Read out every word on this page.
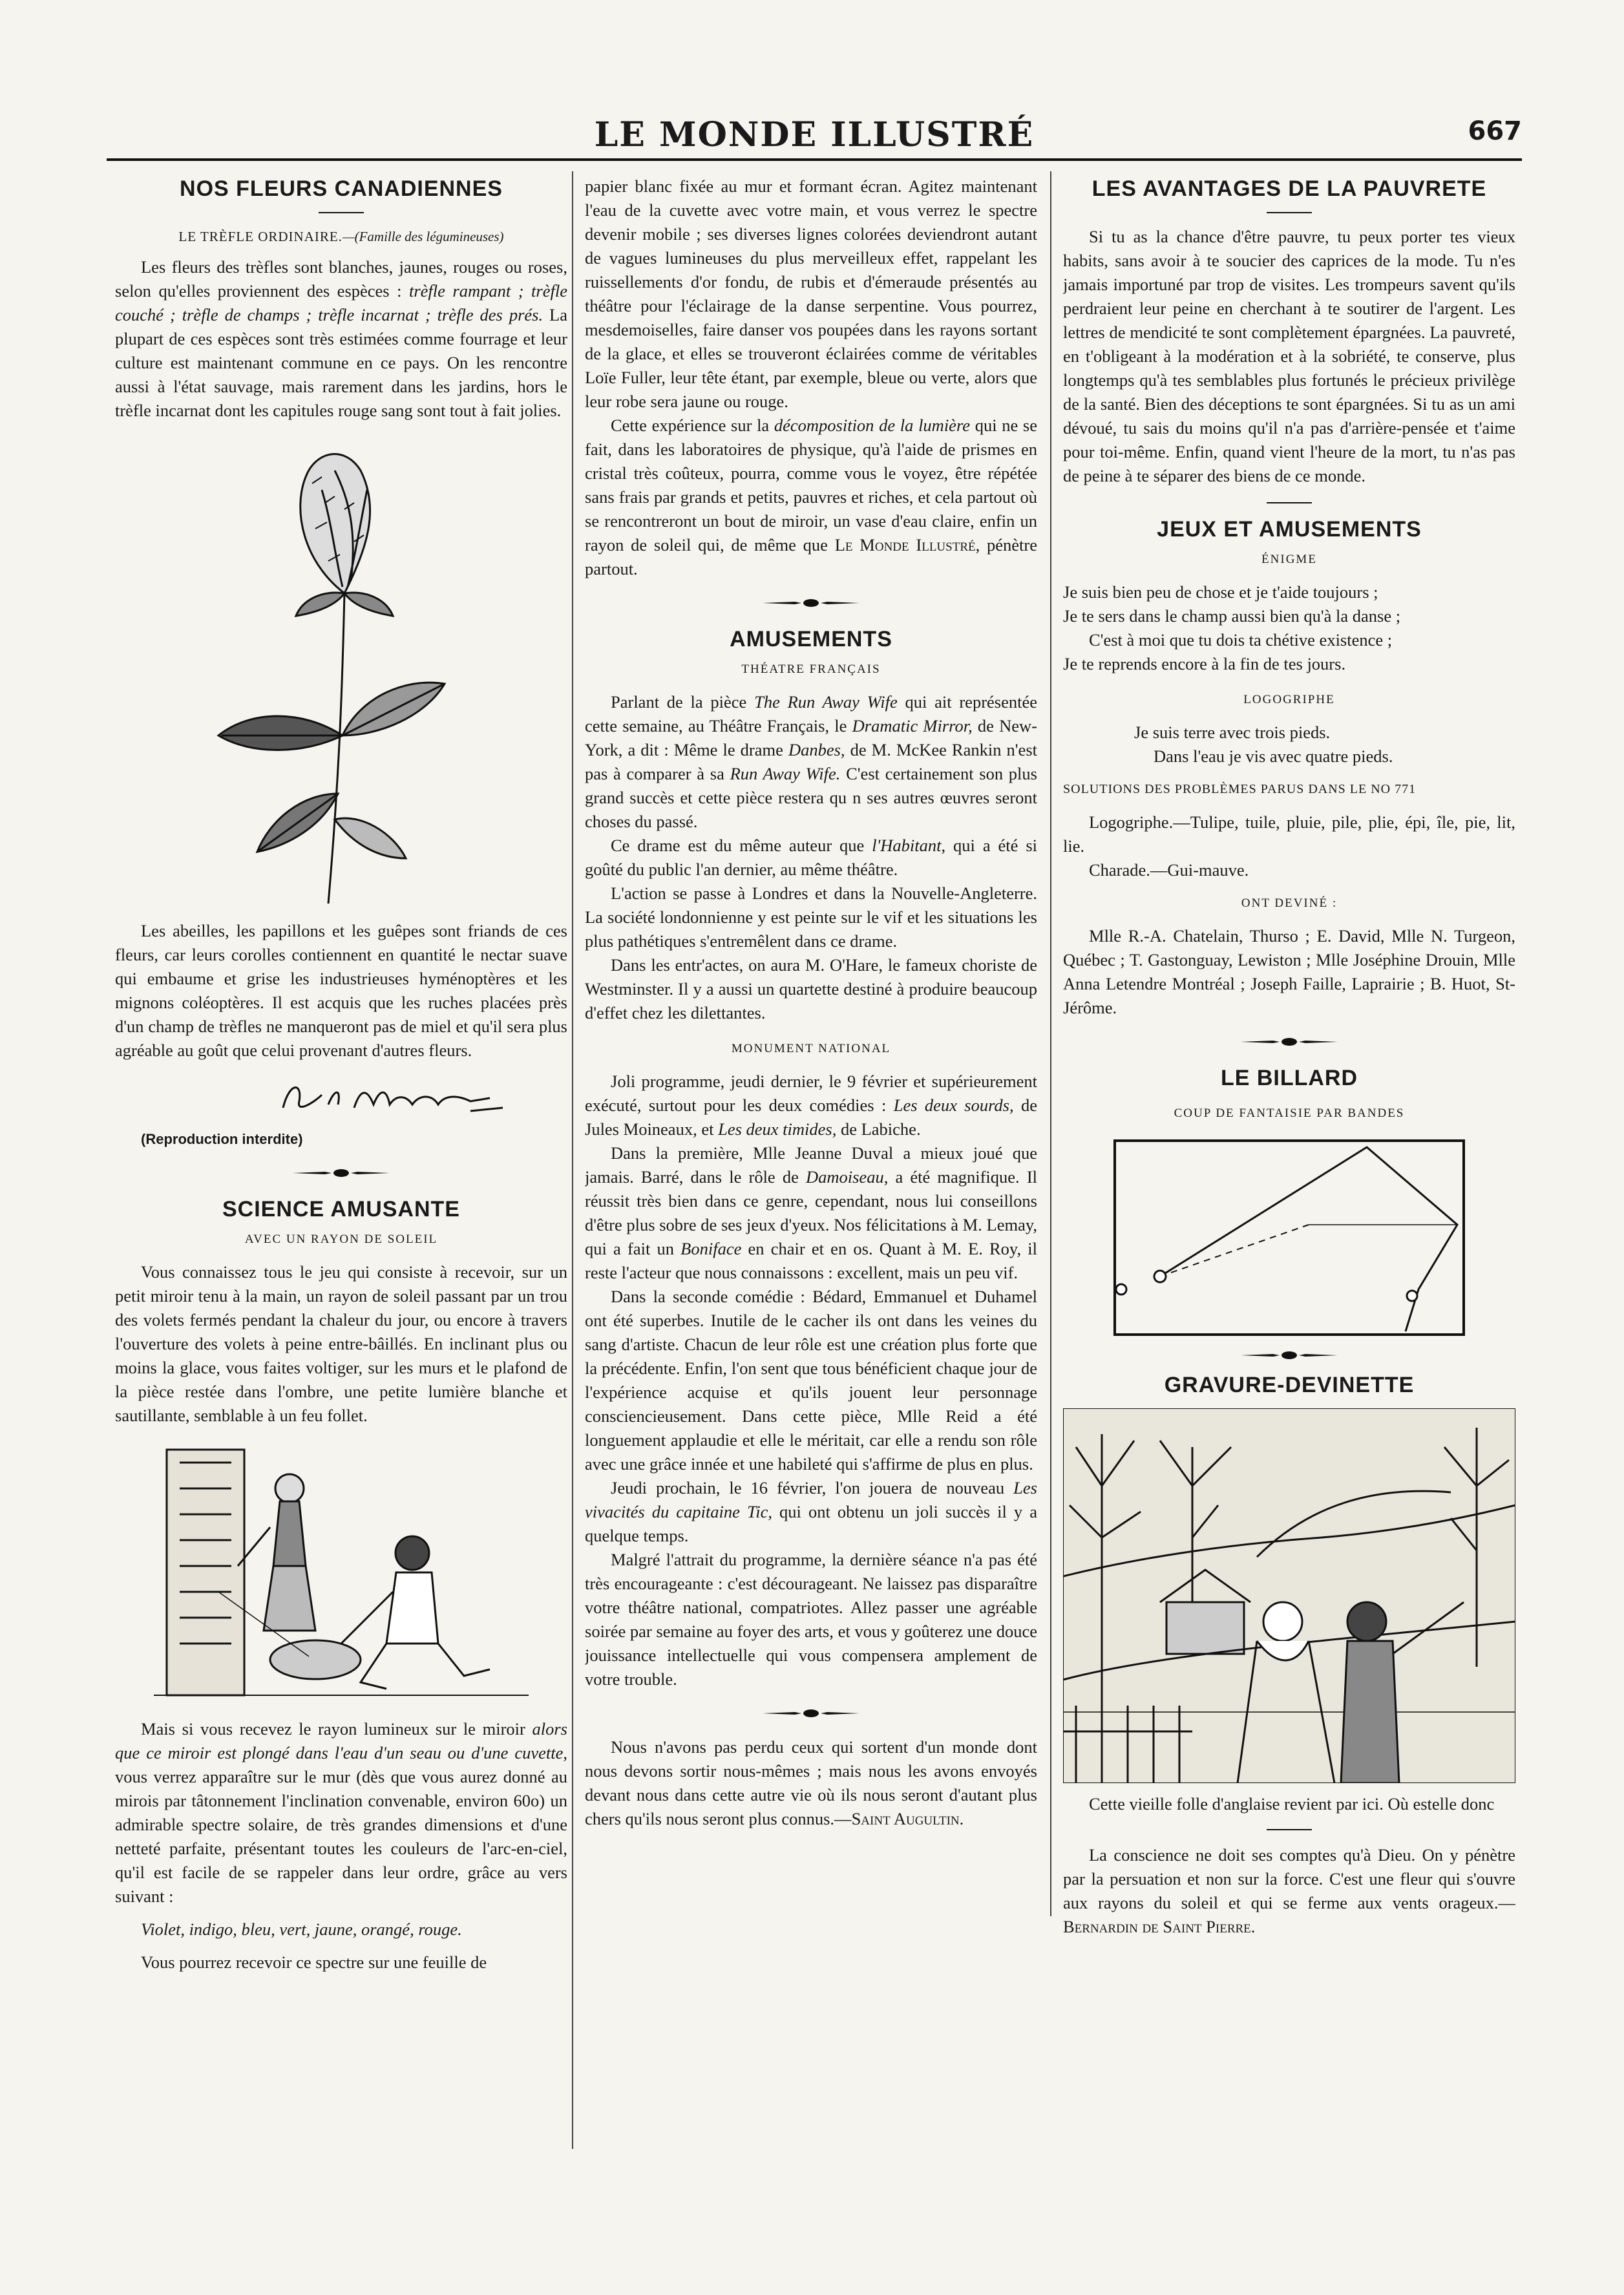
LE MONDE ILLUSTRÉ	667
NOS FLEURS CANADIENNES

LE TRÈFLE ORDINAIRE.—(Famille des légumineuses)

Les fleurs des trèfles sont blanches, jaunes, rouges ou roses, selon qu'elles proviennent des espèces : trèfle rampant ; trèfle couché ; trèfle de champs ; trèfle incarnat ; trèfle des prés. La plupart de ces espèces sont très estimées comme fourrage et leur culture est maintenant commune en ce pays. On les rencontre aussi à l'état sauvage, mais rarement dans les jardins, hors le trèfle incarnat dont les capitules rouge sang sont tout à fait jolies.

Les abeilles, les papillons et les guêpes sont friands de ces fleurs, car leurs corolles contiennent en quantité le nectar suave qui embaume et grise les industrieuses hyménoptères et les mignons coléoptères. Il est acquis que les ruches placées près d'un champ de trèfles ne manqueront pas de miel et qu'il sera plus agréable au goût que celui provenant d'autres fleurs.

(Reproduction interdite)

SCIENCE AMUSANTE
AVEC UN RAYON DE SOLEIL

Vous connaissez tous le jeu qui consiste à recevoir, sur un petit miroir tenu à la main, un rayon de soleil passant par un trou des volets fermés pendant la chaleur du jour, ou encore à travers l'ouverture des volets à peine entre-bâillés. En inclinant plus ou moins la glace, vous faites voltiger, sur les murs et le plafond de la pièce restée dans l'ombre, une petite lumière blanche et sautillante, semblable à un feu follet.

Mais si vous recevez le rayon lumineux sur le miroir alors que ce miroir est plongé dans l'eau d'un seau ou d'une cuvette, vous verrez apparaître sur le mur (dès que vous aurez donné au mirois par tâtonnement l'inclination convenable, environ 60o) un admirable spectre solaire, de très grandes dimensions et d'une netteté parfaite, présentant toutes les couleurs de l'arc-en-ciel, qu'il est facile de se rappeler dans leur ordre, grâce au vers suivant :

Violet, indigo, bleu, vert, jaune, orangé, rouge.

Vous pourrez recevoir ce spectre sur une feuille de

papier blanc fixée au mur et formant écran. Agitez maintenant l'eau de la cuvette avec votre main, et vous verrez le spectre devenir mobile ; ses diverses lignes colorées deviendront autant de vagues lumineuses du plus merveilleux effet, rappelant les ruissellements d'or fondu, de rubis et d'émeraude présentés au théâtre pour l'éclairage de la danse serpentine. Vous pourrez, mesdemoiselles, faire danser vos poupées dans les rayons sortant de la glace, et elles se trouveront éclairées comme de véritables Loïe Fuller, leur tête étant, par exemple, bleue ou verte, alors que leur robe sera jaune ou rouge.

Cette expérience sur la décomposition de la lumière qui ne se fait, dans les laboratoires de physique, qu'à l'aide de prismes en cristal très coûteux, pourra, comme vous le voyez, être répétée sans frais par grands et petits, pauvres et riches, et cela partout où se rencontreront un bout de miroir, un vase d'eau claire, enfin un rayon de soleil qui, de même que Le Monde Illustré, pénètre partout.

AMUSEMENTS
THÉATRE FRANÇAIS

Parlant de la pièce The Run Away Wife qui ait représentée cette semaine, au Théâtre Français, le Dramatic Mirror, de New-York, a dit : Même le drame Danbes, de M. McKee Rankin n'est pas à comparer à sa Run Away Wife. C'est certainement son plus grand succès et cette pièce restera qu n ses autres œuvres seront choses du passé.

Ce drame est du même auteur que l'Habitant, qui a été si goûté du public l'an dernier, au même théâtre.

L'action se passe à Londres et dans la Nouvelle-Angleterre. La société londonnienne y est peinte sur le vif et les situations les plus pathétiques s'entremêlent dans ce drame.

Dans les entr'actes, on aura M. O'Hare, le fameux choriste de Westminster. Il y a aussi un quartette destiné à produire beaucoup d'effet chez les dilettantes.

MONUMENT NATIONAL

Joli programme, jeudi dernier, le 9 février et supérieurement exécuté, surtout pour les deux comédies : Les deux sourds, de Jules Moineaux, et Les deux timides, de Labiche.

Dans la première, Mlle Jeanne Duval a mieux joué que jamais. Barré, dans le rôle de Damoiseau, a été magnifique. Il réussit très bien dans ce genre, cependant, nous lui conseillons d'être plus sobre de ses jeux d'yeux. Nos félicitations à M. Lemay, qui a fait un Boniface en chair et en os. Quant à M. E. Roy, il reste l'acteur que nous connaissons : excellent, mais un peu vif.

Dans la seconde comédie : Bédard, Emmanuel et Duhamel ont été superbes. Inutile de le cacher ils ont dans les veines du sang d'artiste. Chacun de leur rôle est une création plus forte que la précédente. Enfin, l'on sent que tous bénéficient chaque jour de l'expérience acquise et qu'ils jouent leur personnage consciencieusement. Dans cette pièce, Mlle Reid a été longuement applaudie et elle le méritait, car elle a rendu son rôle avec une grâce innée et une habileté qui s'affirme de plus en plus.

Jeudi prochain, le 16 février, l'on jouera de nouveau Les vivacités du capitaine Tic, qui ont obtenu un joli succès il y a quelque temps.

Malgré l'attrait du programme, la dernière séance n'a pas été très encourageante : c'est décourageant. Ne laissez pas disparaître votre théâtre national, compatriotes. Allez passer une agréable soirée par semaine au foyer des arts, et vous y goûterez une douce jouissance intellectuelle qui vous compensera amplement de votre trouble.

Nous n'avons pas perdu ceux qui sortent d'un monde dont nous devons sortir nous-mêmes ; mais nous les avons envoyés devant nous dans cette autre vie où ils nous seront d'autant plus chers qu'ils nous seront plus connus.—Saint Augultin.

LES AVANTAGES DE LA PAUVRETE

Si tu as la chance d'être pauvre, tu peux porter tes vieux habits, sans avoir à te soucier des caprices de la mode. Tu n'es jamais importuné par trop de visites. Les trompeurs savent qu'ils perdraient leur peine en cherchant à te soutirer de l'argent. Les lettres de mendicité te sont complètement épargnées. La pauvreté, en t'obligeant à la modération et à la sobriété, te conserve, plus longtemps qu'à tes semblables plus fortunés le précieux privilège de la santé. Bien des déceptions te sont épargnées. Si tu as un ami dévoué, tu sais du moins qu'il n'a pas d'arrière-pensée et t'aime pour toi-même. Enfin, quand vient l'heure de la mort, tu n'as pas de peine à te séparer des biens de ce monde.

JEUX ET AMUSEMENTS
ÉNIGME
Je suis bien peu de chose et je t'aide toujours ;
Je te sers dans le champ aussi bien qu'à la danse ;
C'est à moi que tu dois ta chétive existence ;
Je te reprends encore à la fin de tes jours.
LOGOGRIPHE
Je suis terre avec trois pieds.
Dans l'eau je vis avec quatre pieds.
SOLUTIONS DES PROBLÈMES PARUS DANS LE NO 771

Logogriphe.—Tulipe, tuile, pluie, pile, plie, épi, île, pie, lit, lie.

Charade.—Gui-mauve.

ONT DEVINÉ :

Mlle R.-A. Chatelain, Thurso ; E. David, Mlle N. Turgeon, Québec ; T. Gastonguay, Lewiston ; Mlle Joséphine Drouin, Mlle Anna Letendre Montréal ; Joseph Faille, Laprairie ; B. Huot, St-Jérôme.

LE BILLARD
COUP DE FANTAISIE PAR BANDES
GRAVURE-DEVINETTE

Cette vieille folle d'anglaise revient par ici. Où estelle donc

La conscience ne doit ses comptes qu'à Dieu. On y pénètre par la persuation et non sur la force. C'est une fleur qui s'ouvre aux rayons du soleil et qui se ferme aux vents orageux.—Bernardin de Saint Pierre.
